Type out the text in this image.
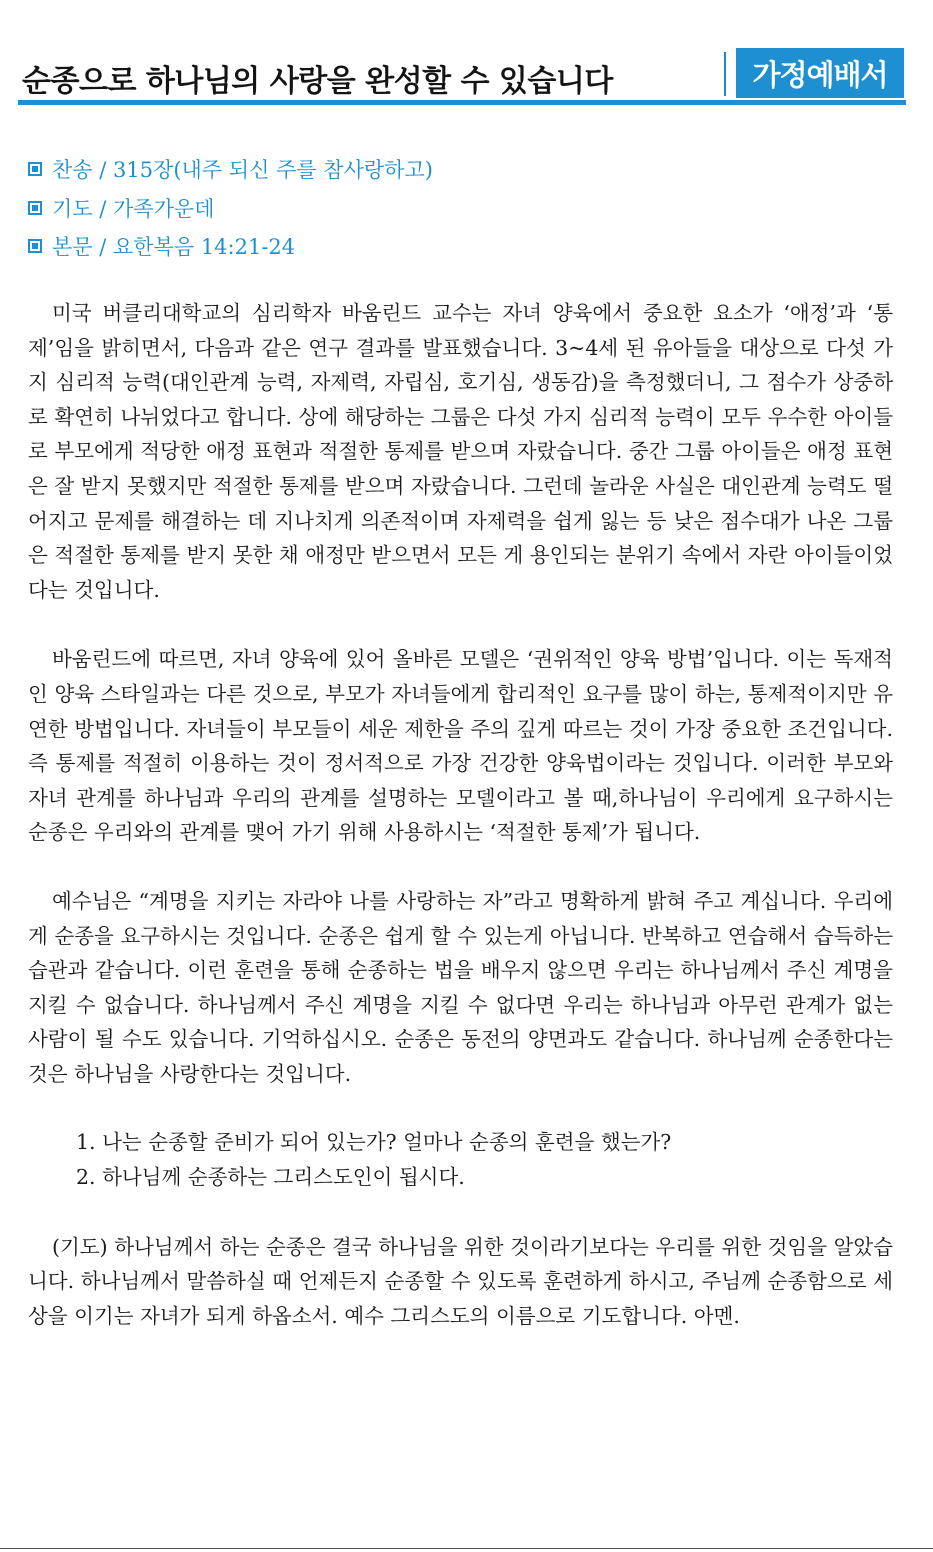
순종으로 하나님의 사랑을 완성할 수 있습니다	가정예배서
찬송 / 315장(내주 되신 주를 참사랑하고)
기도 / 가족가운데
본문 / 요한복음 14:21-24

미국 버클리대학교의 심리학자 바움린드 교수는 자녀 양육에서 중요한 요소가 ‘애정’과 ‘통제’임을 밝히면서, 다음과 같은 연구 결과를 발표했습니다. 3~4세 된 유아들을 대상으로 다섯 가지 심리적 능력(대인관계 능력, 자제력, 자립심, 호기심, 생동감)을 측정했더니, 그 점수가 상중하로 확연히 나뉘었다고 합니다. 상에 해당하는 그룹은 다섯 가지 심리적 능력이 모두 우수한 아이들로 부모에게 적당한 애정 표현과 적절한 통제를 받으며 자랐습니다. 중간 그룹 아이들은 애정 표현은 잘 받지 못했지만 적절한 통제를 받으며 자랐습니다. 그런데 놀라운 사실은 대인관계 능력도 떨어지고 문제를 해결하는 데 지나치게 의존적이며 자제력을 쉽게 잃는 등 낮은 점수대가 나온 그룹은 적절한 통제를 받지 못한 채 애정만 받으면서 모든 게 용인되는 분위기 속에서 자란 아이들이었다는 것입니다.

바움린드에 따르면, 자녀 양육에 있어 올바른 모델은 ‘권위적인 양육 방법’입니다. 이는 독재적인 양육 스타일과는 다른 것으로, 부모가 자녀들에게 합리적인 요구를 많이 하는, 통제적이지만 유연한 방법입니다. 자녀들이 부모들이 세운 제한을 주의 깊게 따르는 것이 가장 중요한 조건입니다. 즉 통제를 적절히 이용하는 것이 정서적으로 가장 건강한 양육법이라는 것입니다. 이러한 부모와 자녀 관계를 하나님과 우리의 관계를 설명하는 모델이라고 볼 때,하나님이 우리에게 요구하시는 순종은 우리와의 관계를 맺어 가기 위해 사용하시는 ‘적절한 통제’가 됩니다.

예수님은 “계명을 지키는 자라야 나를 사랑하는 자”라고 명확하게 밝혀 주고 계십니다. 우리에게 순종을 요구하시는 것입니다. 순종은 쉽게 할 수 있는게 아닙니다. 반복하고 연습해서 습득하는 습관과 같습니다. 이런 훈련을 통해 순종하는 법을 배우지 않으면 우리는 하나님께서 주신 계명을 지킬 수 없습니다. 하나님께서 주신 계명을 지킬 수 없다면 우리는 하나님과 아무런 관계가 없는 사람이 될 수도 있습니다. 기억하십시오. 순종은 동전의 양면과도 같습니다. 하나님께 순종한다는 것은 하나님을 사랑한다는 것입니다.

1. 나는 순종할 준비가 되어 있는가? 얼마나 순종의 훈련을 했는가?

2. 하나님께 순종하는 그리스도인이 됩시다.

(기도) 하나님께서 하는 순종은 결국 하나님을 위한 것이라기보다는 우리를 위한 것임을 알았습니다. 하나님께서 말씀하실 때 언제든지 순종할 수 있도록 훈련하게 하시고, 주님께 순종함으로 세상을 이기는 자녀가 되게 하옵소서. 예수 그리스도의 이름으로 기도합니다. 아멘.
